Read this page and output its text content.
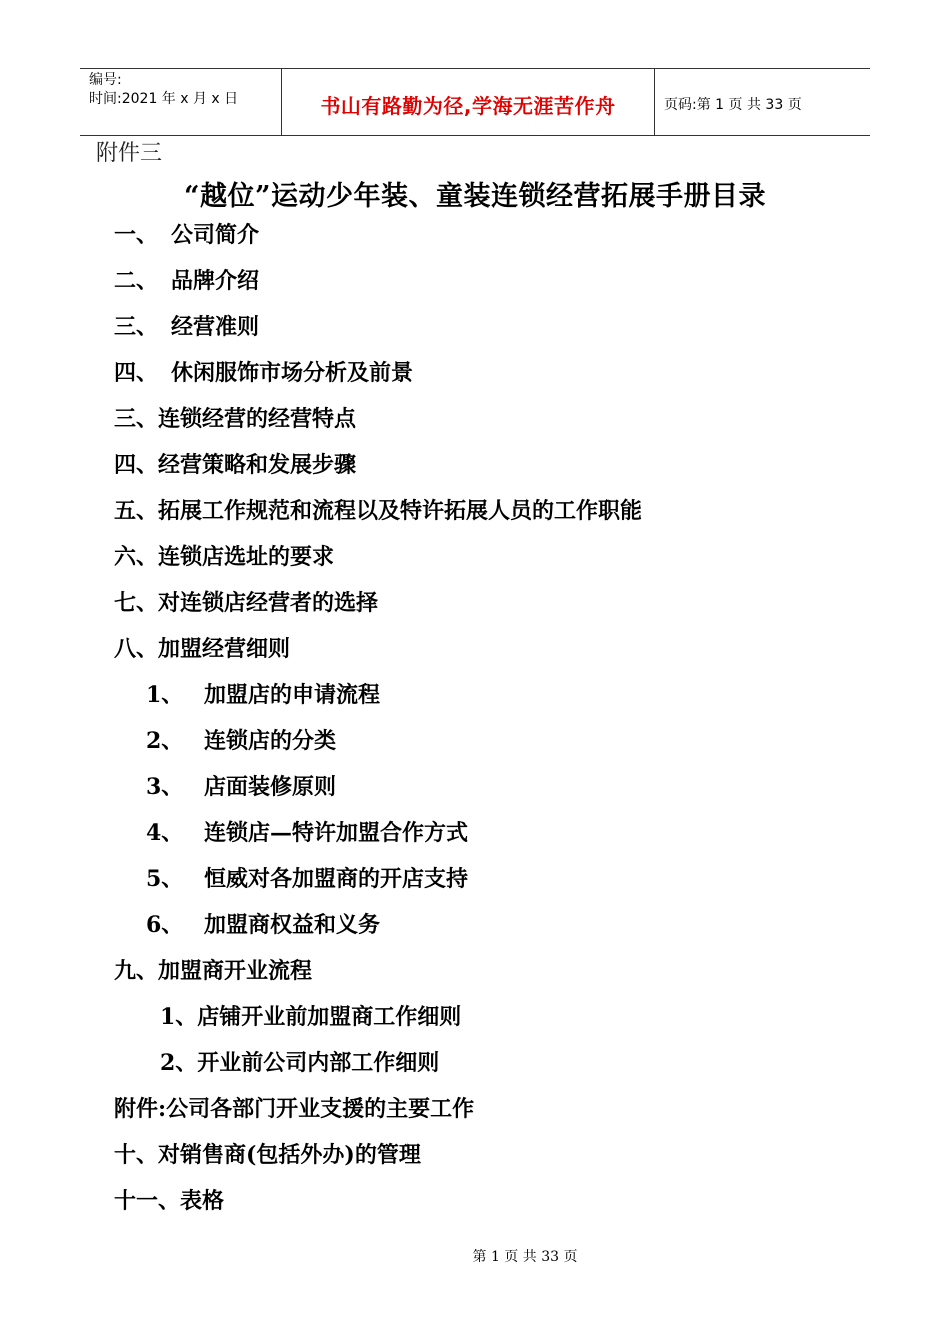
编号:
时间:2021 年 x 月 x 日	书山有路勤为径,学海无涯苦作舟	页码:第 1 页 共 33 页
附件三
“越位”运动少年装、童装连锁经营拓展手册目录
一、 公司简介
二、 品牌介绍
三、 经营准则
四、 休闲服饰市场分析及前景
三、连锁经营的经营特点
四、经营策略和发展步骤
五、拓展工作规范和流程以及特许拓展人员的工作职能
六、连锁店选址的要求
七、对连锁店经营者的选择
八、加盟经营细则
1、 加盟店的申请流程
2、 连锁店的分类
3、 店面装修原则
4、 连锁店—特许加盟合作方式
5、 恒威对各加盟商的开店支持
6、 加盟商权益和义务
九、加盟商开业流程
1、店铺开业前加盟商工作细则
2、开业前公司内部工作细则
附件:公司各部门开业支援的主要工作
十、对销售商(包括外办)的管理
十一、表格
第 1 页 共 33 页
